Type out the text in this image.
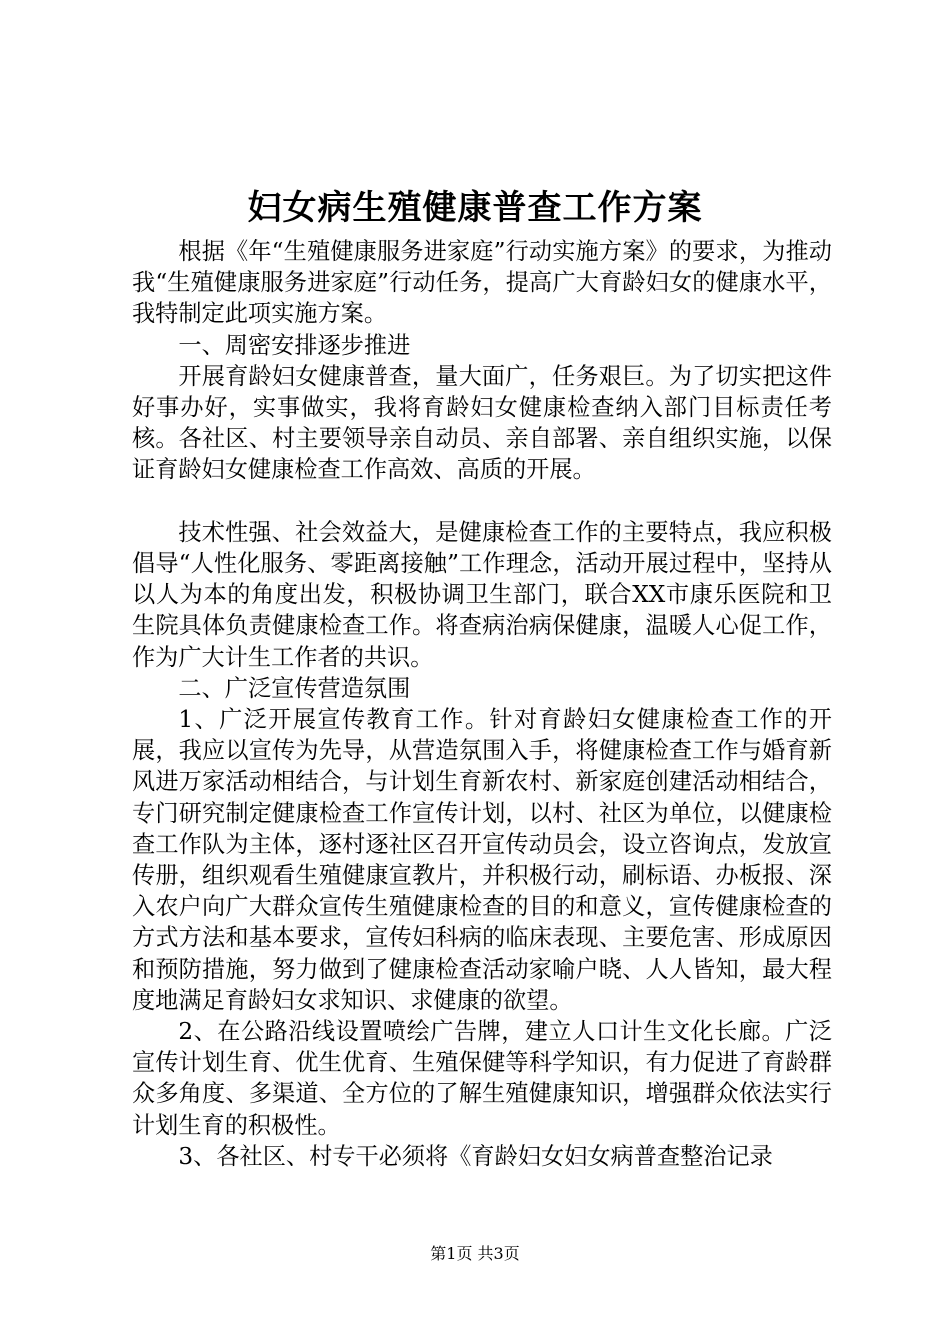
妇女病生殖健康普查工作方案

根据《年“生殖健康服务进家庭”行动实施方案》的要求，为推动我“生殖健康服务进家庭”行动任务，提高广大育龄妇女的健康水平，我特制定此项实施方案。

一、周密安排逐步推进

开展育龄妇女健康普查，量大面广，任务艰巨。为了切实把这件好事办好，实事做实，我将育龄妇女健康检查纳入部门目标责任考核。各社区、村主要领导亲自动员、亲自部署、亲自组织实施，以保证育龄妇女健康检查工作高效、高质的开展。

技术性强、社会效益大，是健康检查工作的主要特点，我应积极倡导“人性化服务、零距离接触”工作理念，活动开展过程中，坚持从以人为本的角度出发，积极协调卫生部门，联合XX市康乐医院和卫生院具体负责健康检查工作。将查病治病保健康，温暖人心促工作，作为广大计生工作者的共识。

二、广泛宣传营造氛围

1、广泛开展宣传教育工作。针对育龄妇女健康检查工作的开展，我应以宣传为先导，从营造氛围入手，将健康检查工作与婚育新风进万家活动相结合，与计划生育新农村、新家庭创建活动相结合，专门研究制定健康检查工作宣传计划，以村、社区为单位，以健康检查工作队为主体，逐村逐社区召开宣传动员会，设立咨询点，发放宣传册，组织观看生殖健康宣教片，并积极行动，刷标语、办板报、深入农户向广大群众宣传生殖健康检查的目的和意义，宣传健康检查的方式方法和基本要求，宣传妇科病的临床表现、主要危害、形成原因和预防措施，努力做到了健康检查活动家喻户晓、人人皆知，最大程度地满足育龄妇女求知识、求健康的欲望。

2、在公路沿线设置喷绘广告牌，建立人口计生文化长廊。广泛宣传计划生育、优生优育、生殖保健等科学知识，有力促进了育龄群众多角度、多渠道、全方位的了解生殖健康知识，增强群众依法实行计划生育的积极性。

3、各社区、村专干必须将《育龄妇女妇女病普查整治记录

第1页 共3页
